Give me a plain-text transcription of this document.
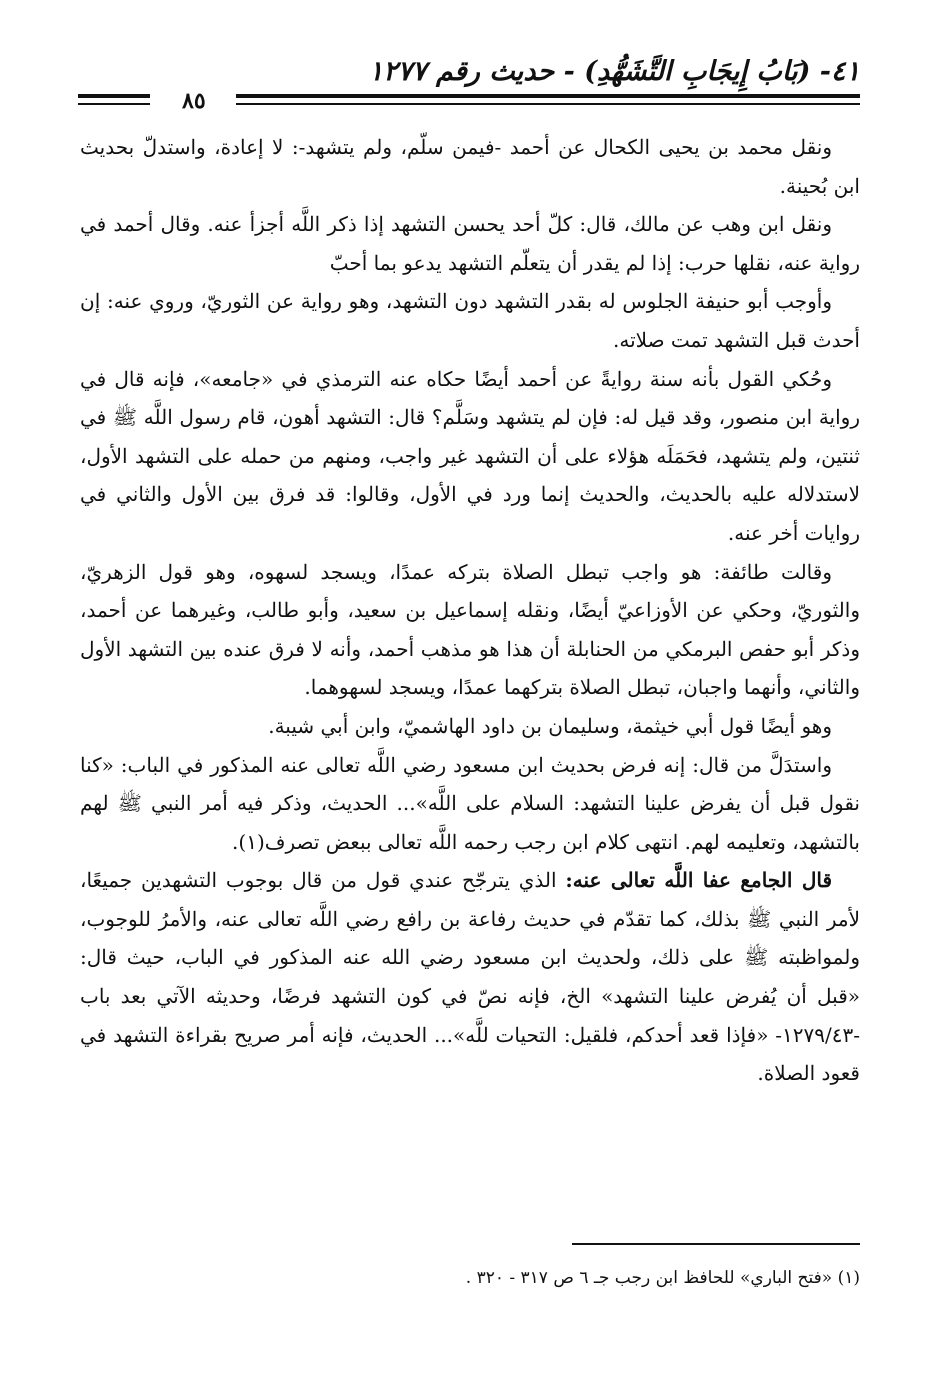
٤١- (بَابُ إِيجَابِ التَّشَهُّدِ) - حديث رقم ١٢٧٧
٨٥

ونقل محمد بن يحيى الكحال عن أحمد -فيمن سلّم، ولم يتشهد-: لا إعادة، واستدلّ بحديث ابن بُحينة.

ونقل ابن وهب عن مالك، قال: كلّ أحد يحسن التشهد إذا ذكر اللَّه أجزأ عنه. وقال أحمد في رواية عنه، نقلها حرب: إذا لم يقدر أن يتعلّم التشهد يدعو بما أحبّ

وأوجب أبو حنيفة الجلوس له بقدر التشهد دون التشهد، وهو رواية عن الثوريّ، وروي عنه: إن أحدث قبل التشهد تمت صلاته.

وحُكي القول بأنه سنة روايةً عن أحمد أيضًا حكاه عنه الترمذي في «جامعه»، فإنه قال في رواية ابن منصور، وقد قيل له: فإن لم يتشهد وسَلَّم؟ قال: التشهد أهون، قام رسول اللَّه ﷺ في ثنتين، ولم يتشهد، فحَمَلَه هؤلاء على أن التشهد غير واجب، ومنهم من حمله على التشهد الأول، لاستدلاله عليه بالحديث، والحديث إنما ورد في الأول، وقالوا: قد فرق بين الأول والثاني في روايات أخر عنه.

وقالت طائفة: هو واجب تبطل الصلاة بتركه عمدًا، ويسجد لسهوه، وهو قول الزهريّ، والثوريّ، وحكي عن الأوزاعيّ أيضًا، ونقله إسماعيل بن سعيد، وأبو طالب، وغيرهما عن أحمد، وذكر أبو حفص البرمكي من الحنابلة أن هذا هو مذهب أحمد، وأنه لا فرق عنده بين التشهد الأول والثاني، وأنهما واجبان، تبطل الصلاة بتركهما عمدًا، ويسجد لسهوهما.

وهو أيضًا قول أبي خيثمة، وسليمان بن داود الهاشميّ، وابن أبي شيبة.

واستدَلَّ من قال: إنه فرض بحديث ابن مسعود رضي اللَّه تعالى عنه المذكور في الباب: «كنا نقول قبل أن يفرض علينا التشهد: السلام على اللَّه»... الحديث، وذكر فيه أمر النبي ﷺ لهم بالتشهد، وتعليمه لهم. انتهى كلام ابن رجب رحمه اللَّه تعالى ببعض تصرف(١).

قال الجامع عفا اللَّه تعالى عنه: الذي يترجّح عندي قول من قال بوجوب التشهدين جميعًا، لأمر النبي ﷺ بذلك، كما تقدّم في حديث رفاعة بن رافع رضي اللَّه تعالى عنه، والأمرُ للوجوب، ولمواظبته ﷺ على ذلك، ولحديث ابن مسعود رضي الله عنه المذكور في الباب، حيث قال: «قبل أن يُفرض علينا التشهد» الخ، فإنه نصّ في كون التشهد فرضًا، وحديثه الآتي بعد باب -١٢٧٩/٤٣- «فإذا قعد أحدكم، فلقيل: التحيات للَّه»... الحديث، فإنه أمر صريح بقراءة التشهد في قعود الصلاة.

(١) «فتح الباري» للحافظ ابن رجب جـ ٦ ص ٣١٧ - ٣٢٠ .
